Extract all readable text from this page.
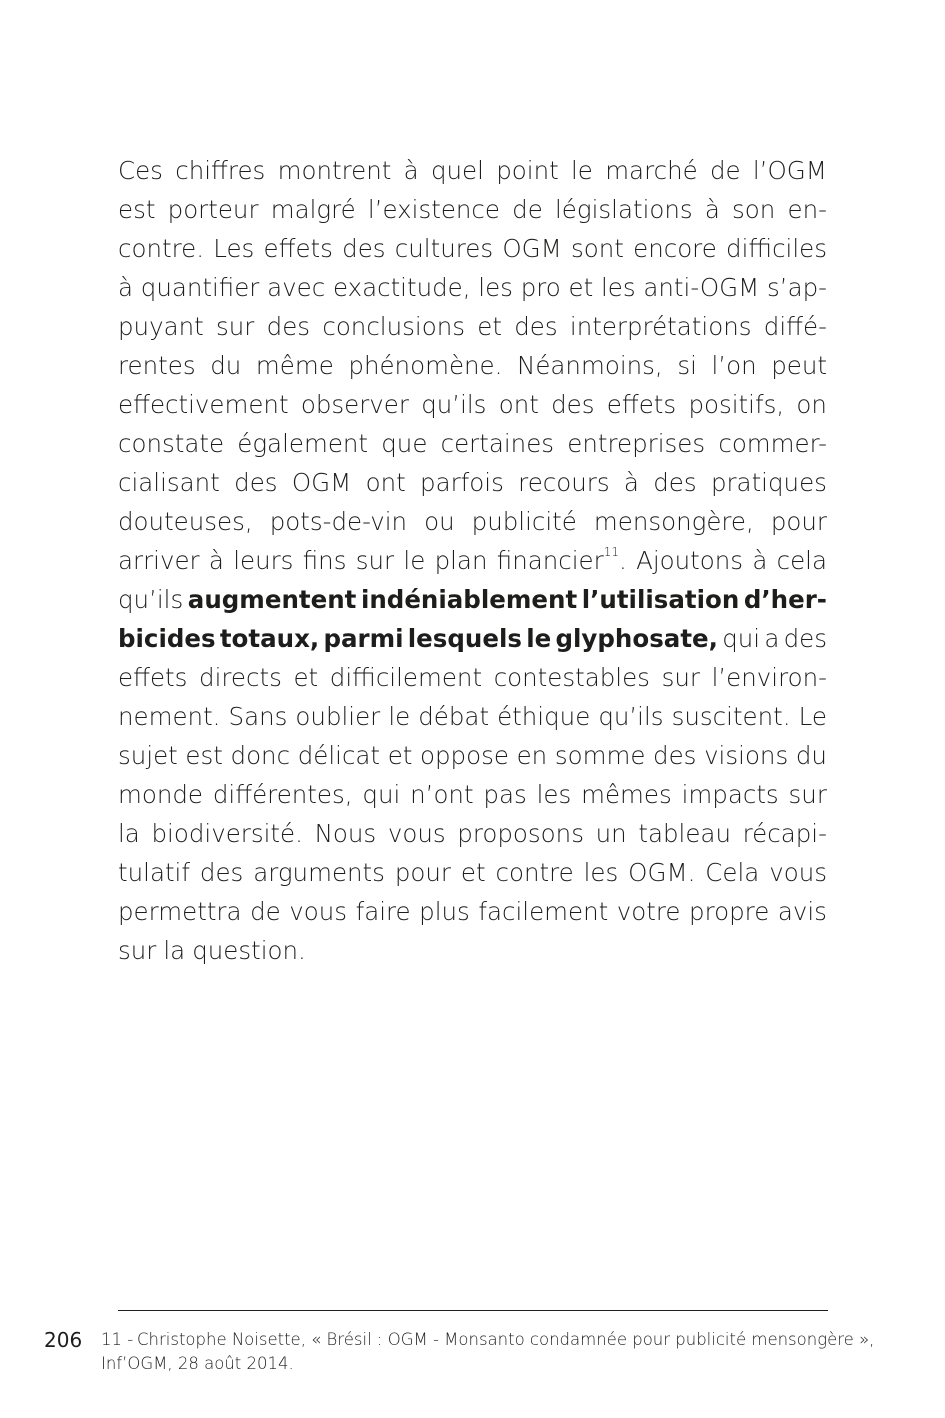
Ces chiffres montrent à quel point le marché de l’OGM
est porteur malgré l’existence de législations à son en-
contre. Les effets des cultures OGM sont encore difficiles
à quantifier avec exactitude, les pro et les anti-OGM s’ap-
puyant sur des conclusions et des interprétations diffé-
rentes du même phénomène. Néanmoins, si l’on peut
effectivement observer qu’ils ont des effets positifs, on
constate également que certaines entreprises commer-
cialisant des OGM ont parfois recours à des pratiques
douteuses, pots-de-vin ou publicité mensongère, pour
arriver à leurs fins sur le plan financier$^{11}$. Ajoutons à cela
qu’ils augmentent indéniablement l’utilisation d’her-
bicides totaux, parmi lesquels le glyphosate, qui a des
effets directs et difficilement contestables sur l’environ-
nement. Sans oublier le débat éthique qu’ils suscitent. Le
sujet est donc délicat et oppose en somme des visions du
monde différentes, qui n’ont pas les mêmes impacts sur
la biodiversité. Nous vous proposons un tableau récapi-
tulatif des arguments pour et contre les OGM. Cela vous
permettra de vous faire plus facilement votre propre avis
sur la question.
206 11 - Christophe Noisette, « Brésil : OGM - Monsanto condamnée pour publicité mensongère »,
Inf’OGM, 28 août 2014.
